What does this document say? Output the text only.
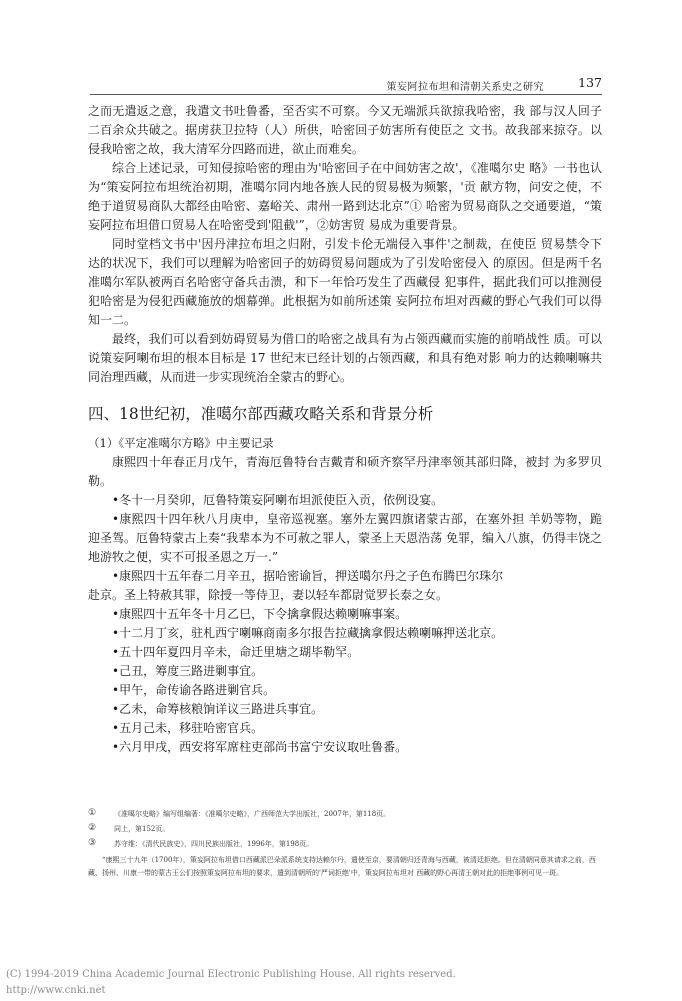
策妄阿拉布坦和清朝关系史之研究	137

之而无遣返之意，我遣文书吐鲁番，至否实不可察。今又无端派兵欲掠我哈密，我 部与汉人回子二百余众共破之。据虏获卫拉特（人）所供，哈密回子妨害所有使臣之 文书。故我部来掠夺。以侵我哈密之故，我大清军分四路而进，欲止而难矣。

综合上述记录，可知侵掠哈密的理由为'哈密回子在中间妨害之故'，《准噶尔史 略》一书也认为“策妄阿拉布坦统治初期，准噶尔同内地各族人民的贸易极为频繁，'贡 献方物，问安之使，不绝于道贸易商队大都经由哈密、嘉峪关、肃州一路到达北京”① 哈密为贸易商队之交通要道，“策妄阿拉布坦借口贸易人在哈密受到'阻截'”，②妨害贸 易成为重要背景。

同时堂档文书中'因丹津拉布坦之归附，引发卡伦无端侵入事件'之制裁，在使臣 贸易禁令下达的状况下，我们可以理解为哈密回子的妨碍贸易问题成为了引发哈密侵入 的原因。但是两千名准噶尔军队被两百名哈密守备兵击溃，和下一年恰巧发生了西藏侵 犯事件，据此我们可以推测侵犯哈密是为侵犯西藏施放的烟幕弹。此根据为如前所述策 妄阿拉布坦对西藏的野心气我们可以得知一二。

最终，我们可以看到妨碍贸易为借口的哈密之战具有为占领西藏而实施的前哨战性 质。可以说策妄阿喇布坦的根本目标是 17 世纪末已经计划的占领西藏，和具有绝对影 响力的达赖喇嘛共同治理西藏，从而进一步实现统治全蒙古的野心。

四、18世纪初，准噶尔部西藏攻略关系和背景分析

（1）《平定准噶尔方略》中主要记录

康熙四十年春正月戊午，青海厄鲁特台吉戴青和硕齐察罕丹津率领其部归降，被封 为多罗贝勒。

•冬十一月癸卯，厄鲁特策妄阿喇布坦派使臣入贡，依例设宴。

•康熙四十四年秋八月庚申，皇帝巡视塞。塞外左翼四旗诸蒙古部，在塞外担 羊奶等物，跪迎圣驾。厄鲁特蒙古上奏“我辈本为不可赦之罪人，蒙圣上天恩浩荡 免罪，编入八旗，仍得丰饶之地游牧之便，实不可报圣恩之万一.”

•康熙四十五年春二月辛丑，据哈密谕旨，押送噶尔丹之子色布腾巴尔珠尔

赴京。圣上特赦其罪，除授一等侍卫，妻以轻车都尉觉罗长泰之女。

•康熙四十五年冬十月乙巳，下令擒拿假达赖喇嘛事案。

•十二月丁亥，驻札西宁喇嘛商南多尔报告拉藏擒拿假达赖喇嘛押送北京。

•五十四年夏四月辛未，命迁里塘之瑚毕勒罕。

•己丑，筹度三路进剿事宜。

•甲午，命传谕各路进剿官兵。

•乙未，命筹核粮饷详议三路进兵事宜。

•五月己未，移驻哈密官兵。

•六月甲戌，西安将军席柱吏部尚书富宁安议取吐鲁番。

①	《准噶尔史略》编写组编著：《准噶尔史略》，广西师范大学出版社，2007年，第118页。
②	同上，第152页。
③	苏守维：《清代民族史》，四川民族出版社，1996年，第198页。
“康熙三十九年（1700年），策妄阿拉布坦借口西藏派巴朵派系统支持达赖尔丹，遣使至京，要清朝归还青海与西藏，被清廷拒绝。但在清朝同意其请求之前，西藏、扬州、川康一带的蒙古王公们按照策妄阿拉布坦的要求，遣到清朝所的'严词拒绝'中，策妄阿拉布坦对 西藏的野心再清王朝对此的拒绝事例可见一斑。
(C) 1994-2019 China Academic Journal Electronic Publishing House. All rights reserved.
http://www.cnki.net
